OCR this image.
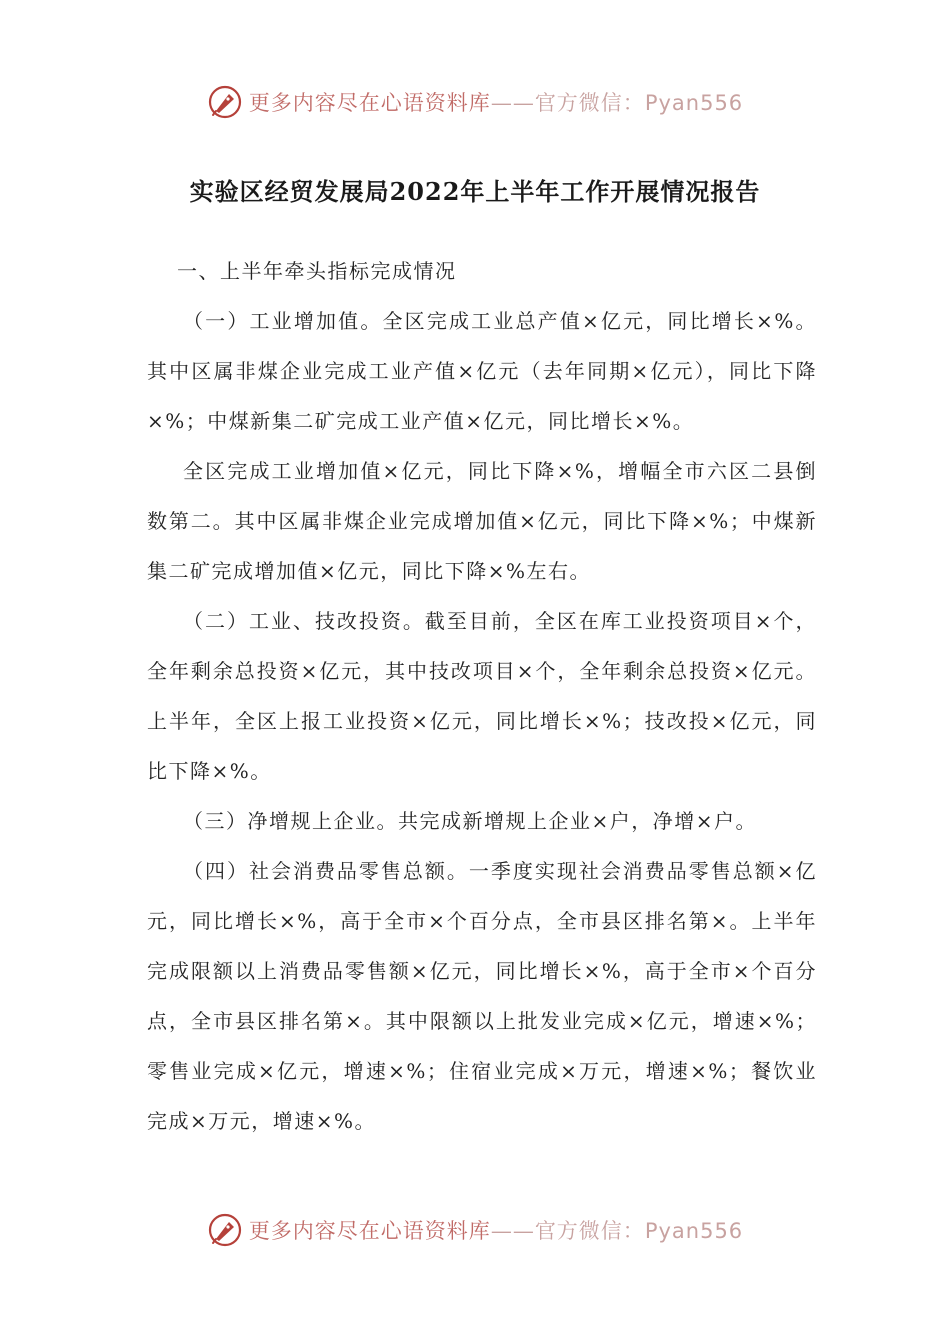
更多内容尽在心语资料库——官方微信：Pyan556
实验区经贸发展局2022年上半年工作开展情况报告

一、上半年牵头指标完成情况

（一）工业增加值。全区完成工业总产值×亿元，同比增长×%。其中区属非煤企业完成工业产值×亿元（去年同期×亿元），同比下降×%；中煤新集二矿完成工业产值×亿元，同比增长×%。

全区完成工业增加值×亿元，同比下降×%，增幅全市六区二县倒数第二。其中区属非煤企业完成增加值×亿元，同比下降×%；中煤新集二矿完成增加值×亿元，同比下降×%左右。

（二）工业、技改投资。截至目前，全区在库工业投资项目×个，全年剩余总投资×亿元，其中技改项目×个，全年剩余总投资×亿元。上半年，全区上报工业投资×亿元，同比增长×%；技改投×亿元，同比下降×%。

（三）净增规上企业。共完成新增规上企业×户，净增×户。

（四）社会消费品零售总额。一季度实现社会消费品零售总额×亿元，同比增长×%，高于全市×个百分点，全市县区排名第×。上半年完成限额以上消费品零售额×亿元，同比增长×%，高于全市×个百分点，全市县区排名第×。其中限额以上批发业完成×亿元，增速×%；零售业完成×亿元，增速×%；住宿业完成×万元，增速×%；餐饮业完成×万元，增速×%。

更多内容尽在心语资料库——官方微信：Pyan556
